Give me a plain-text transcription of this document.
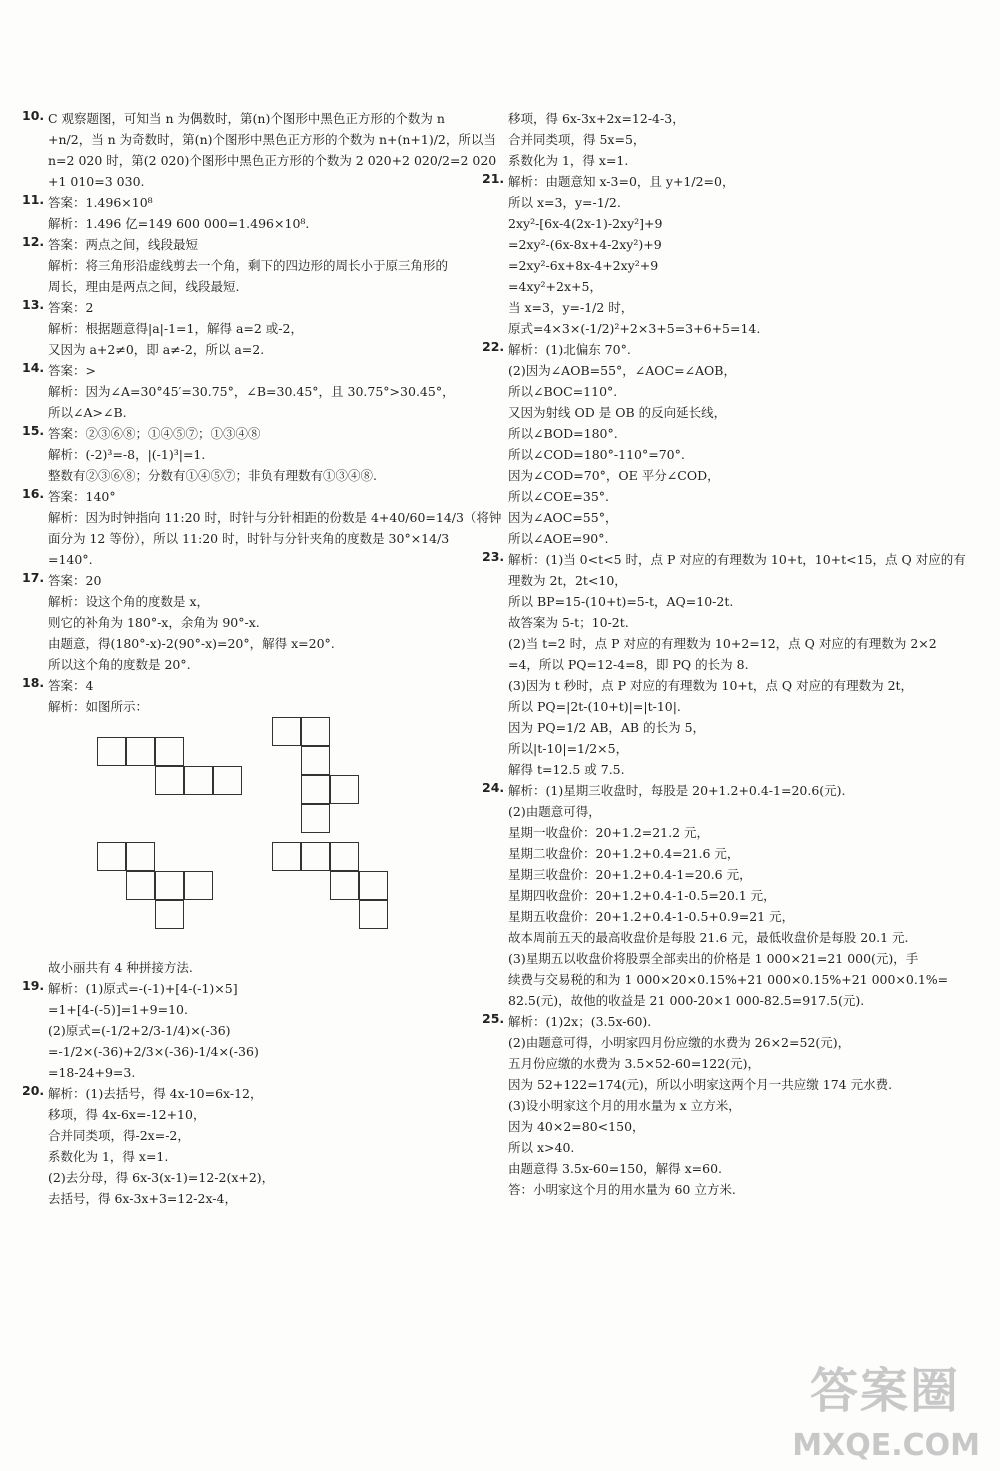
10. C 观察题图，可知当 n 为偶数时，第(n)个图形中黑色正方形的个数为 n
+n/2，当 n 为奇数时，第(n)个图形中黑色正方形的个数为 n+(n+1)/2，所以当
n=2 020 时，第(2 020)个图形中黑色正方形的个数为 2 020+2 020/2=2 020
+1 010=3 030.
11. 答案：1.496×10⁸
解析：1.496 亿=149 600 000=1.496×10⁸.
12. 答案：两点之间，线段最短
解析：将三角形沿虚线剪去一个角，剩下的四边形的周长小于原三角形的
周长，理由是两点之间，线段最短.
13. 答案：2
解析：根据题意得|a|-1=1，解得 a=2 或-2，
又因为 a+2≠0，即 a≠-2，所以 a=2.
14. 答案：>
解析：因为∠A=30°45′=30.75°，∠B=30.45°，且 30.75°>30.45°，
所以∠A>∠B.
15. 答案：②③⑥⑧；①④⑤⑦；①③④⑧
解析：(-2)³=-8，|(-1)³|=1.
整数有②③⑥⑧；分数有①④⑤⑦；非负有理数有①③④⑧.
16. 答案：140°
解析：因为时钟指向 11:20 时，时针与分针相距的份数是 4+40/60=14/3（将钟
面分为 12 等份），所以 11:20 时，时针与分针夹角的度数是 30°×14/3
=140°.
17. 答案：20
解析：设这个角的度数是 x，
则它的补角为 180°-x，余角为 90°-x.
由题意，得(180°-x)-2(90°-x)=20°，解得 x=20°.
所以这个角的度数是 20°.
18. 答案：4
解析：如图所示：
故小丽共有 4 种拼接方法.
19. 解析：(1)原式=-(-1)+[4-(-1)×5]
=1+[4-(-5)]=1+9=10.
(2)原式=(-1/2+2/3-1/4)×(-36)
=-1/2×(-36)+2/3×(-36)-1/4×(-36)
=18-24+9=3.
20. 解析：(1)去括号，得 4x-10=6x-12，
移项，得 4x-6x=-12+10，
合并同类项，得-2x=-2，
系数化为 1，得 x=1.
(2)去分母，得 6x-3(x-1)=12-2(x+2)，
去括号，得 6x-3x+3=12-2x-4，
移项，得 6x-3x+2x=12-4-3，
合并同类项，得 5x=5，
系数化为 1，得 x=1.
21. 解析：由题意知 x-3=0，且 y+1/2=0，
所以 x=3，y=-1/2.
2xy²-[6x-4(2x-1)-2xy²]+9
=2xy²-(6x-8x+4-2xy²)+9
=2xy²-6x+8x-4+2xy²+9
=4xy²+2x+5，
当 x=3，y=-1/2 时，
原式=4×3×(-1/2)²+2×3+5=3+6+5=14.
22. 解析：(1)北偏东 70°.
(2)因为∠AOB=55°，∠AOC=∠AOB，
所以∠BOC=110°.
又因为射线 OD 是 OB 的反向延长线，
所以∠BOD=180°.
所以∠COD=180°-110°=70°.
因为∠COD=70°，OE 平分∠COD，
所以∠COE=35°.
因为∠AOC=55°，
所以∠AOE=90°.
23. 解析：(1)当 0<t<5 时，点 P 对应的有理数为 10+t，10+t<15，点 Q 对应的有
理数为 2t，2t<10，
所以 BP=15-(10+t)=5-t，AQ=10-2t.
故答案为 5-t；10-2t.
(2)当 t=2 时，点 P 对应的有理数为 10+2=12，点 Q 对应的有理数为 2×2
=4，所以 PQ=12-4=8，即 PQ 的长为 8.
(3)因为 t 秒时，点 P 对应的有理数为 10+t，点 Q 对应的有理数为 2t，
所以 PQ=|2t-(10+t)|=|t-10|.
因为 PQ=1/2 AB，AB 的长为 5，
所以|t-10|=1/2×5，
解得 t=12.5 或 7.5.
24. 解析：(1)星期三收盘时，每股是 20+1.2+0.4-1=20.6(元).
(2)由题意可得，
星期一收盘价：20+1.2=21.2 元，
星期二收盘价：20+1.2+0.4=21.6 元，
星期三收盘价：20+1.2+0.4-1=20.6 元，
星期四收盘价：20+1.2+0.4-1-0.5=20.1 元，
星期五收盘价：20+1.2+0.4-1-0.5+0.9=21 元，
故本周前五天的最高收盘价是每股 21.6 元，最低收盘价是每股 20.1 元.
(3)星期五以收盘价将股票全部卖出的价格是 1 000×21=21 000(元)，手
续费与交易税的和为 1 000×20×0.15%+21 000×0.15%+21 000×0.1%=
82.5(元)，故他的收益是 21 000-20×1 000-82.5=917.5(元).
25. 解析：(1)2x；(3.5x-60).
(2)由题意可得，小明家四月份应缴的水费为 26×2=52(元)，
五月份应缴的水费为 3.5×52-60=122(元)，
因为 52+122=174(元)，所以小明家这两个月一共应缴 174 元水费.
(3)设小明家这个月的用水量为 x 立方米，
因为 40×2=80<150，
所以 x>40.
由题意得 3.5x-60=150，解得 x=60.
答：小明家这个月的用水量为 60 立方米.
答案圈
MXQE.COM
